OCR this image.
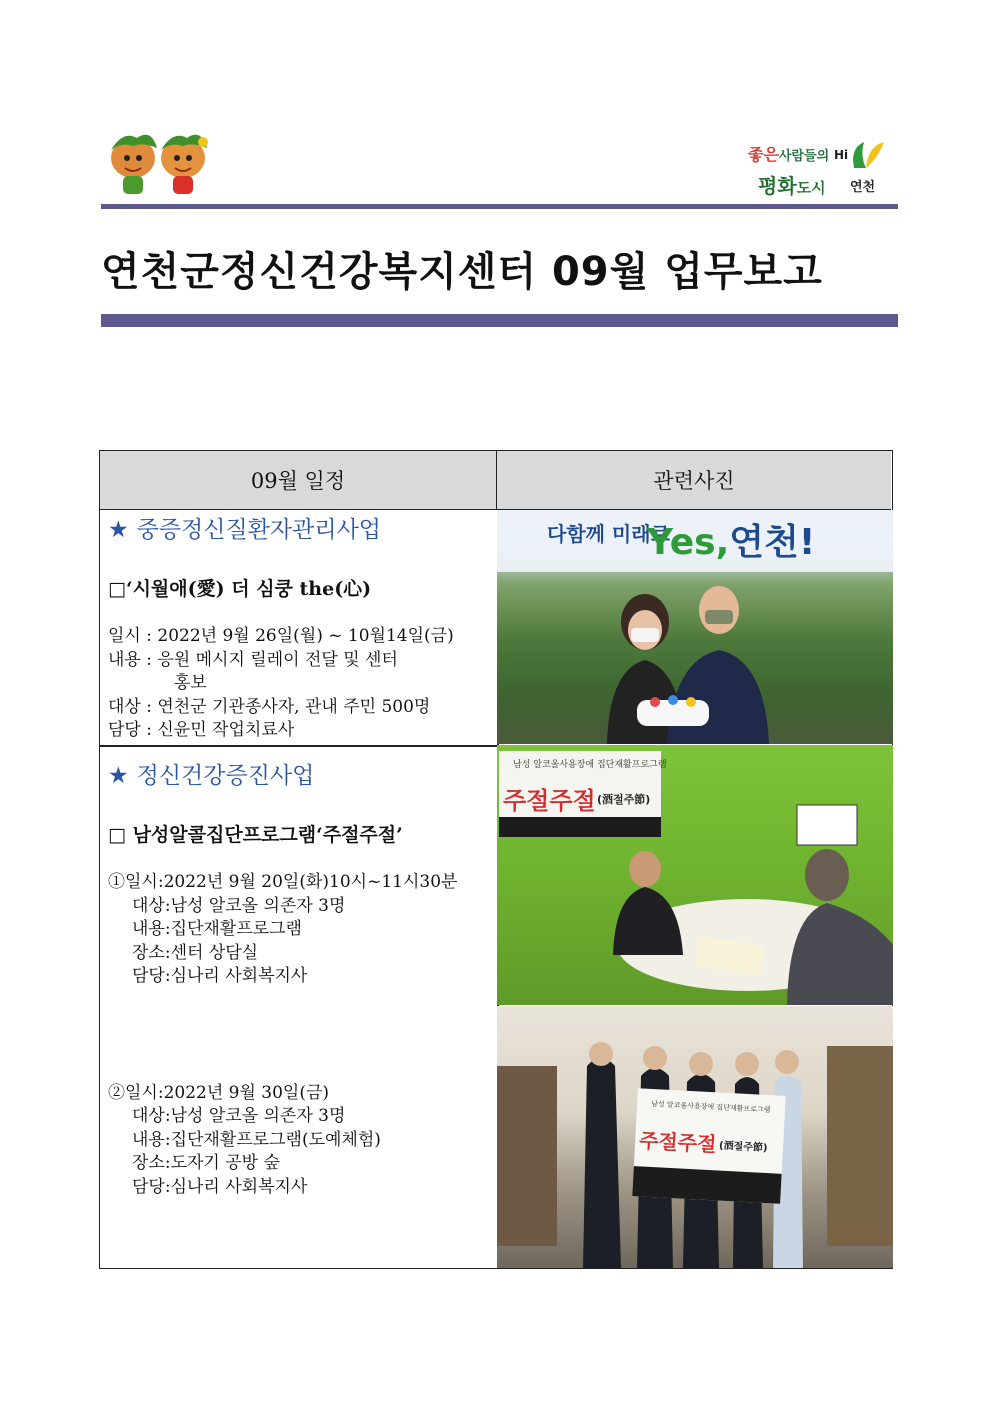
좋은사람들의
평화도시
Hi
연천
연천군정신건강복지센터 09월 업무보고
09월 일정	관련사진

★ 중증정신질환자관리사업

□‘시월애(愛) 더 심쿵 the(心)

일시 : 2022년 9월 26일(월) ~ 10월14일(금)

내용 : 응원 메시지 릴레이 전달 및 센터

홍보

대상 : 연천군 기관종사자, 관내 주민 500명

담당 : 신윤민 작업치료사

★ 정신건강증진사업

□ 남성알콜집단프로그램‘주절주절’

①일시:2022년 9월 20일(화)10시~11시30분

대상:남성 알코올 의존자 3명

내용:집단재활프로그램

장소:센터 상담실

담당:심나리 사회복지사

②일시:2022년 9월 30일(금)

대상:남성 알코올 의존자 3명

내용:집단재활프로그램(도예체험)

장소:도자기 공방 숲

담당:심나리 사회복지사

다함께 미래로
Yes,연천!
남성 알코올사용장애 집단재활프로그램
주절주절 (酒절주節)
남성 알코올사용장애 집단재활프로그램
주절주절 (酒절주節)
